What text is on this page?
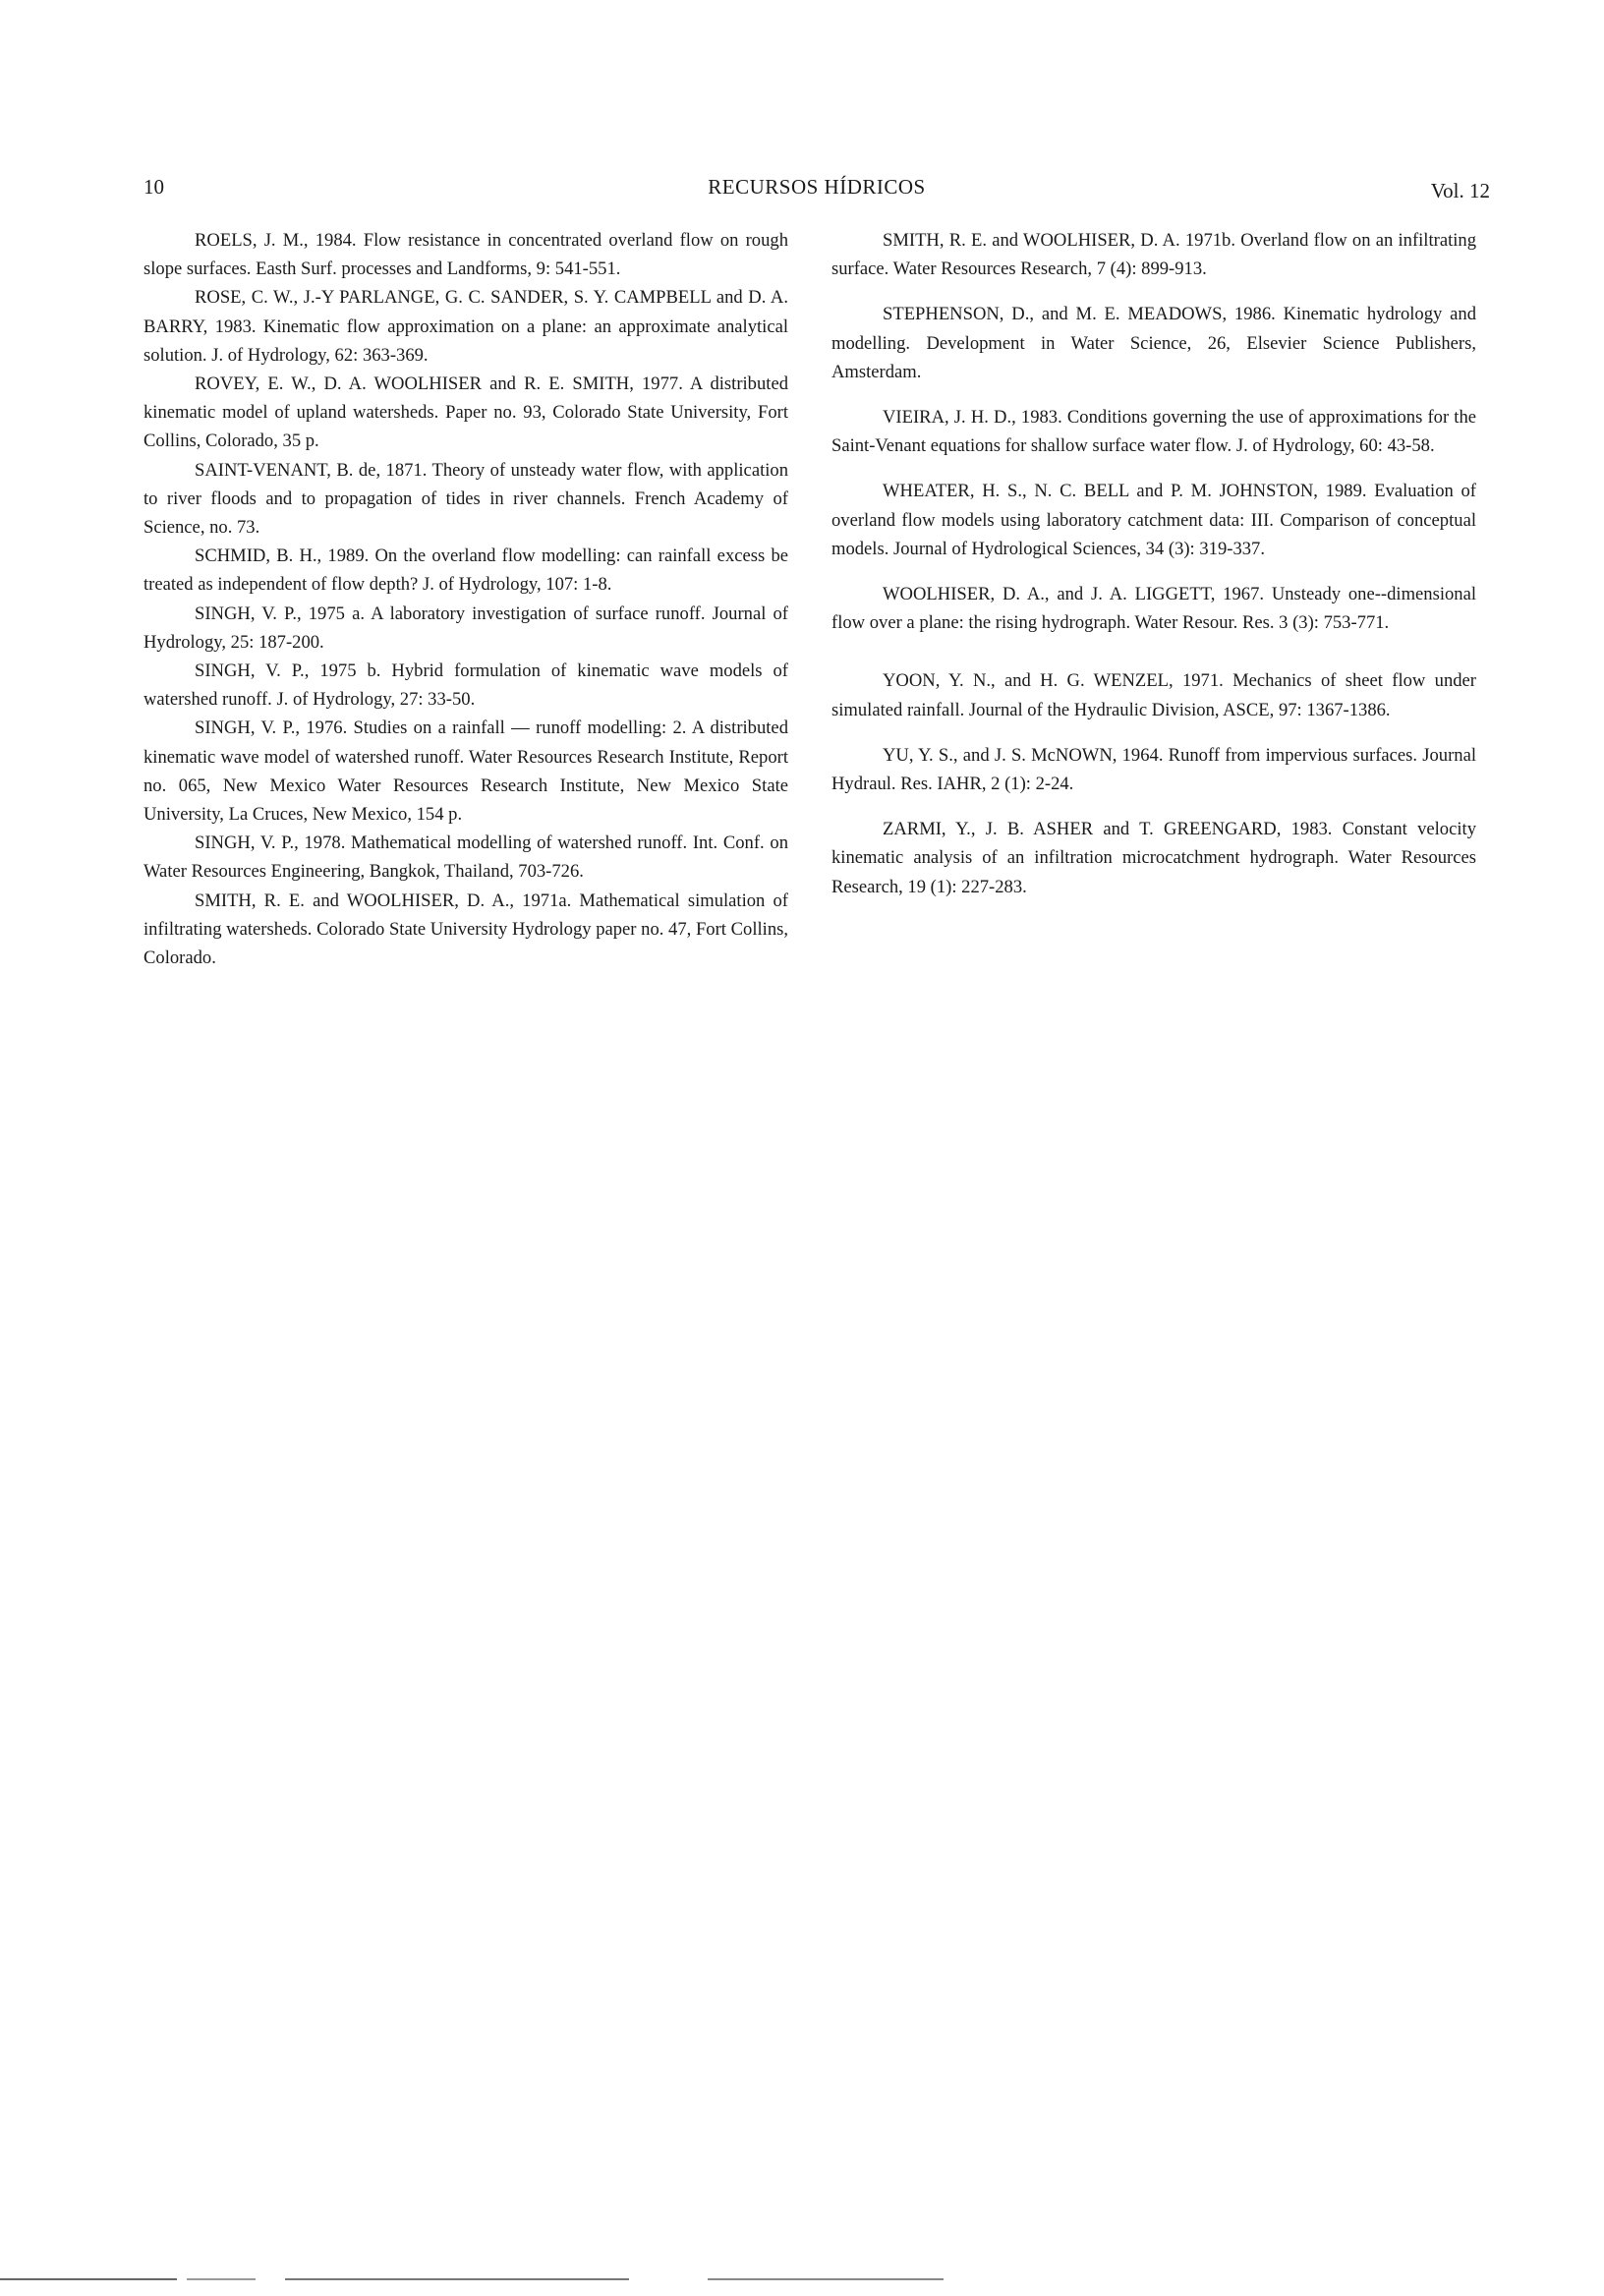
10	RECURSOS HÍDRICOS	Vol. 12

ROELS, J. M., 1984. Flow resistance in concentrated overland flow on rough slope surfaces. Easth Surf. processes and Landforms, 9: 541-551.

ROSE, C. W., J.-Y PARLANGE, G. C. SANDER, S. Y. CAMPBELL and D. A. BARRY, 1983. Kinematic flow approximation on a plane: an approximate analytical solution. J. of Hydrology, 62: 363-369.

ROVEY, E. W., D. A. WOOLHISER and R. E. SMITH, 1977. A distributed kinematic model of upland watersheds. Paper no. 93, Colorado State University, Fort Collins, Colorado, 35 p.

SAINT-VENANT, B. de, 1871. Theory of unsteady water flow, with application to river floods and to propagation of tides in river channels. French Academy of Science, no. 73.

SCHMID, B. H., 1989. On the overland flow modelling: can rainfall excess be treated as independent of flow depth? J. of Hydrology, 107: 1-8.

SINGH, V. P., 1975 a. A laboratory investigation of surface runoff. Journal of Hydrology, 25: 187-200.

SINGH, V. P., 1975 b. Hybrid formulation of kinematic wave models of watershed runoff. J. of Hydrology, 27: 33-50.

SINGH, V. P., 1976. Studies on a rainfall — runoff modelling: 2. A distributed kinematic wave model of watershed runoff. Water Resources Research Institute, Report no. 065, New Mexico Water Resources Research Institute, New Mexico State University, La Cruces, New Mexico, 154 p.

SINGH, V. P., 1978. Mathematical modelling of watershed runoff. Int. Conf. on Water Resources Engineering, Bangkok, Thailand, 703-726.

SMITH, R. E. and WOOLHISER, D. A., 1971a. Mathematical simulation of infiltrating watersheds. Colorado State University Hydrology paper no. 47, Fort Collins, Colorado.

SMITH, R. E. and WOOLHISER, D. A. 1971b. Overland flow on an infiltrating surface. Water Resources Research, 7 (4): 899-913.

STEPHENSON, D., and M. E. MEADOWS, 1986. Kinematic hydrology and modelling. Development in Water Science, 26, Elsevier Science Publishers, Amsterdam.

VIEIRA, J. H. D., 1983. Conditions governing the use of approximations for the Saint-Venant equations for shallow surface water flow. J. of Hydrology, 60: 43-58.

WHEATER, H. S., N. C. BELL and P. M. JOHNSTON, 1989. Evaluation of overland flow models using laboratory catchment data: III. Comparison of conceptual models. Journal of Hydrological Sciences, 34 (3): 319-337.

WOOLHISER, D. A., and J. A. LIGGETT, 1967. Unsteady one--dimensional flow over a plane: the rising hydrograph. Water Resour. Res. 3 (3): 753-771.

YOON, Y. N., and H. G. WENZEL, 1971. Mechanics of sheet flow under simulated rainfall. Journal of the Hydraulic Division, ASCE, 97: 1367-1386.

YU, Y. S., and J. S. McNOWN, 1964. Runoff from impervious surfaces. Journal Hydraul. Res. IAHR, 2 (1): 2-24.

ZARMI, Y., J. B. ASHER and T. GREENGARD, 1983. Constant velocity kinematic analysis of an infiltration microcatchment hydrograph. Water Resources Research, 19 (1): 227-283.
